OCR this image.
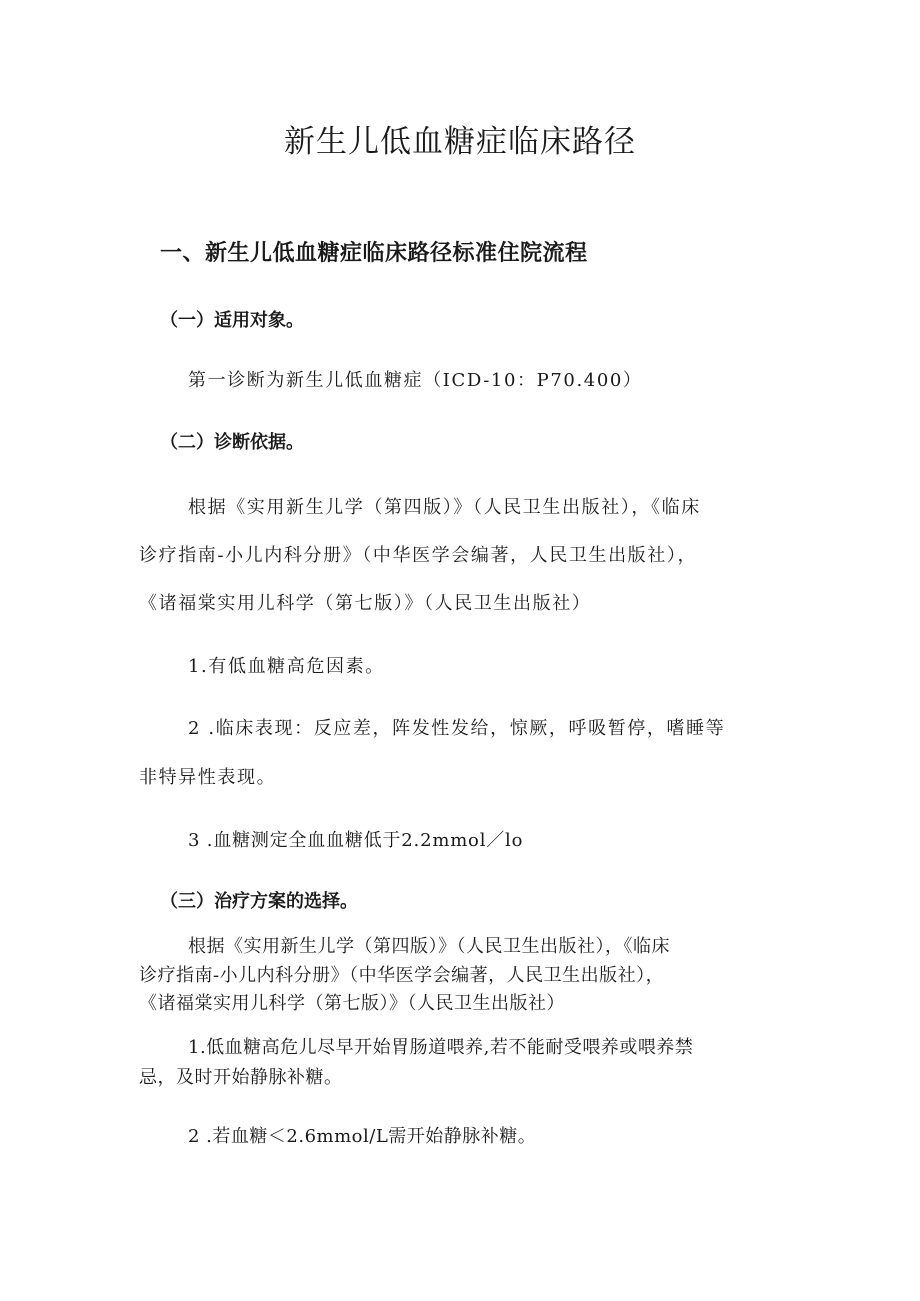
新生儿低血糖症临床路径
一、新生儿低血糖症临床路径标准住院流程
（一）适用对象。

第一诊断为新生儿低血糖症（ICD-10：P70.400）

（二）诊断依据。

根据《实用新生儿学（第四版）》（人民卫生出版社），《临床

诊疗指南-小儿内科分册》（中华医学会编著，人民卫生出版社），

《诸福棠实用儿科学（第七版）》（人民卫生出版社）

1.有低血糖高危因素。

2 .临床表现：反应差，阵发性发给，惊厥，呼吸暂停，嗜睡等

非特异性表现。

3 .血糖测定全血血糖低于2.2mmol／lo

（三）治疗方案的选择。

根据《实用新生儿学（第四版）》（人民卫生出版社），《临床

诊疗指南-小儿内科分册》（中华医学会编著，人民卫生出版社），

《诸福棠实用儿科学（第七版）》（人民卫生出版社）

1.低血糖高危儿尽早开始胃肠道喂养,若不能耐受喂养或喂养禁

忌，及时开始静脉补糖。

2 .若血糖＜2.6mmol/L需开始静脉补糖。
